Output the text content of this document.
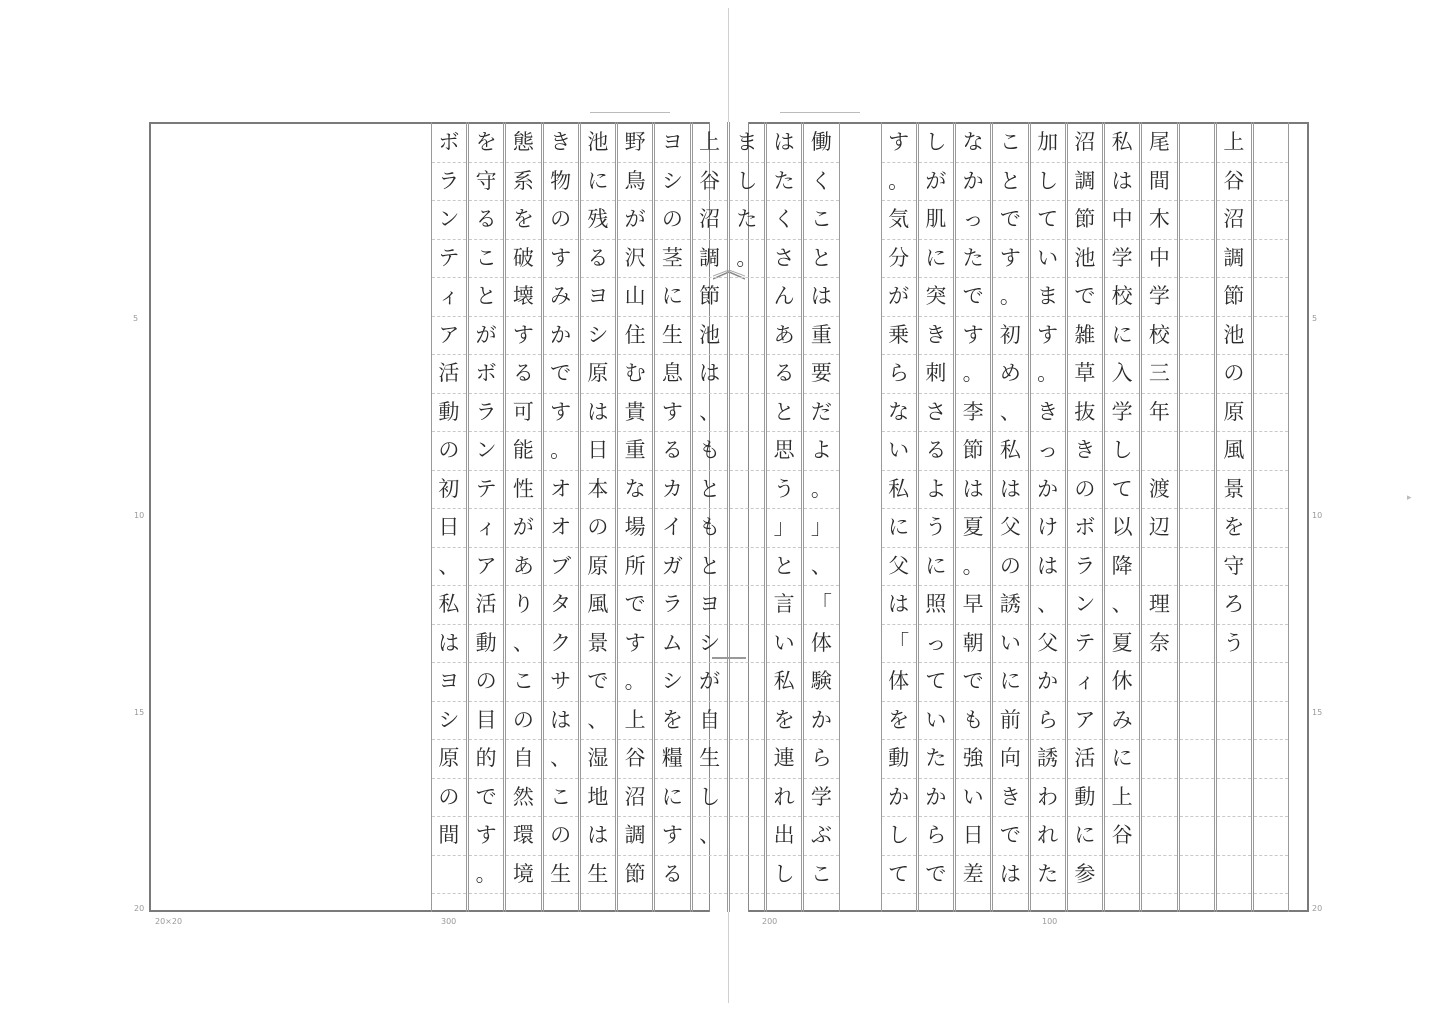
上
谷
沼
調
節
池
の
原
風
景
を
守
ろ
う
尾
間
木
中
学
校
三
年
渡
辺
理
奈
私
は
中
学
校
に
入
学
し
て
以
降
、
夏
休
み
に
上
谷
沼
調
節
池
で
雑
草
抜
き
の
ボ
ラ
ン
テ
ィ
ア
活
動
に
参
加
し
て
い
ま
す
。
き
っ
か
け
は
、
父
か
ら
誘
わ
れ
た
こ
と
で
す
。
初
め
、
私
は
父
の
誘
い
に
前
向
き
で
は
な
か
っ
た
で
す
。
李
節
は
夏
。
早
朝
で
も
強
い
日
差
し
が
肌
に
突
き
刺
さ
る
よ
う
に
照
っ
て
い
た
か
ら
で
す
。
気
分
が
乗
ら
な
い
私
に
父
は
「
体
を
動
か
し
て
働
く
こ
と
は
重
要
だ
よ
。
」
、
「
体
験
か
ら
学
ぶ
こ
は
た
く
さ
ん
あ
る
と
思
う
」
と
言
い
私
を
連
れ
出
し
ま
し
た
。
上
谷
沼
調
節
池
は
、
も
と
も
と
ヨ
シ
が
自
生
し
、
ヨ
シ
の
茎
に
生
息
す
る
カ
イ
ガ
ラ
ム
シ
を
糧
に
す
る
野
鳥
が
沢
山
住
む
貴
重
な
場
所
で
す
。
上
谷
沼
調
節
池
に
残
る
ヨ
シ
原
は
日
本
の
原
風
景
で
、
湿
地
は
生
き
物
の
す
み
か
で
す
。
オ
オ
ブ
タ
ク
サ
は
、
こ
の
生
態
系
を
破
壊
す
る
可
能
性
が
あ
り
、
こ
の
自
然
環
境
を
守
る
こ
と
が
ボ
ラ
ン
テ
ィ
ア
活
動
の
目
的
で
す
。
ボ
ラ
ン
テ
ィ
ア
活
動
の
初
日
、
私
は
ヨ
シ
原
の
間
5
10
15
20
5
10
15
20
20×20	300	200	100
▸
